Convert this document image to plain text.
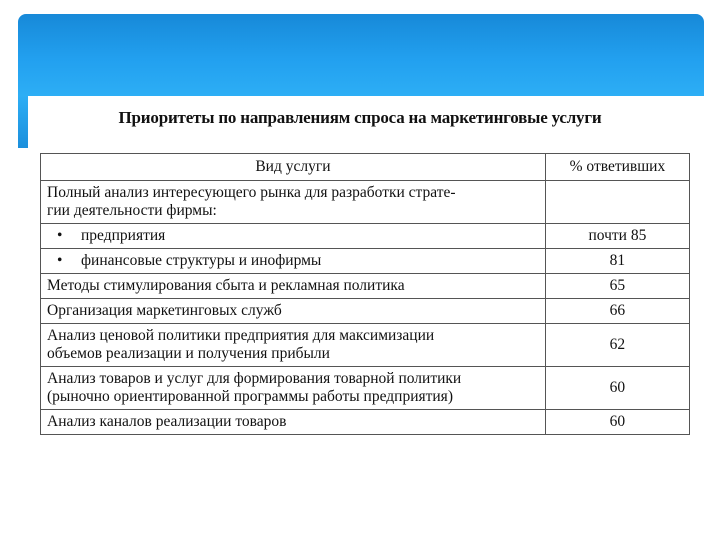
Приоритеты по направлениям спроса на маркетинговые услуги
Вид услуги	% ответивших
Полный анализ интересующего рынка для разработки страте-
гии деятельности фирмы:	
• предприятия	почти 85
• финансовые структуры и инофирмы	81
Методы стимулирования сбыта и рекламная политика	65
Организация маркетинговых служб	66
Анализ ценовой политики предприятия для максимизации
объемов реализации и получения прибыли	62
Анализ товаров и услуг для формирования товарной политики
(рыночно ориентированной программы работы предприятия)	60
Анализ каналов реализации товаров	60
